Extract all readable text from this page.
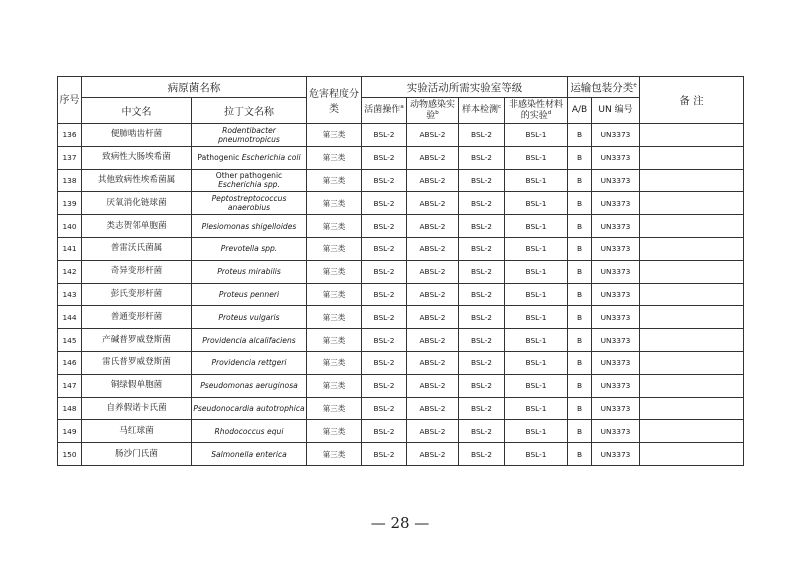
序号	病原菌名称		危害程度分类	实验活动所需实验室等级				运输包装分类$^e$		备 注
	中文名	拉丁文名称		活菌操作$^a$	动物感染实验$^b$	样本检测$^c$	非感染性材料的实验$^d$	A/B	UN 编号	
136	便肺啮齿杆菌	Rodentibacter pneumotropicus	第三类	BSL-2	ABSL-2	BSL-2	BSL-1	B	UN3373	
137	致病性大肠埃希菌	Pathogenic Escherichia coli	第三类	BSL-2	ABSL-2	BSL-2	BSL-1	B	UN3373	
138	其他致病性埃希菌属	Other pathogenic Escherichia spp.	第三类	BSL-2	ABSL-2	BSL-2	BSL-1	B	UN3373	
139	厌氧消化链球菌	Peptostreptococcus anaerobius	第三类	BSL-2	ABSL-2	BSL-2	BSL-1	B	UN3373	
140	类志贺邻单胞菌	Plesiomonas shigelloides	第三类	BSL-2	ABSL-2	BSL-2	BSL-1	B	UN3373	
141	普雷沃氏菌属	Prevotella spp.	第三类	BSL-2	ABSL-2	BSL-2	BSL-1	B	UN3373	
142	奇异变形杆菌	Proteus mirabilis	第三类	BSL-2	ABSL-2	BSL-2	BSL-1	B	UN3373	
143	彭氏变形杆菌	Proteus penneri	第三类	BSL-2	ABSL-2	BSL-2	BSL-1	B	UN3373	
144	普通变形杆菌	Proteus vulgaris	第三类	BSL-2	ABSL-2	BSL-2	BSL-1	B	UN3373	
145	产碱普罗威登斯菌	Providencia alcalifaciens	第三类	BSL-2	ABSL-2	BSL-2	BSL-1	B	UN3373	
146	雷氏普罗威登斯菌	Providencia rettgeri	第三类	BSL-2	ABSL-2	BSL-2	BSL-1	B	UN3373	
147	铜绿假单胞菌	Pseudomonas aeruginosa	第三类	BSL-2	ABSL-2	BSL-2	BSL-1	B	UN3373	
148	自养假诺卡氏菌	Pseudonocardia autotrophica	第三类	BSL-2	ABSL-2	BSL-2	BSL-1	B	UN3373	
149	马红球菌	Rhodococcus equi	第三类	BSL-2	ABSL-2	BSL-2	BSL-1	B	UN3373	
150	肠沙门氏菌	Salmonella enterica	第三类	BSL-2	ABSL-2	BSL-2	BSL-1	B	UN3373	
— 28 —
